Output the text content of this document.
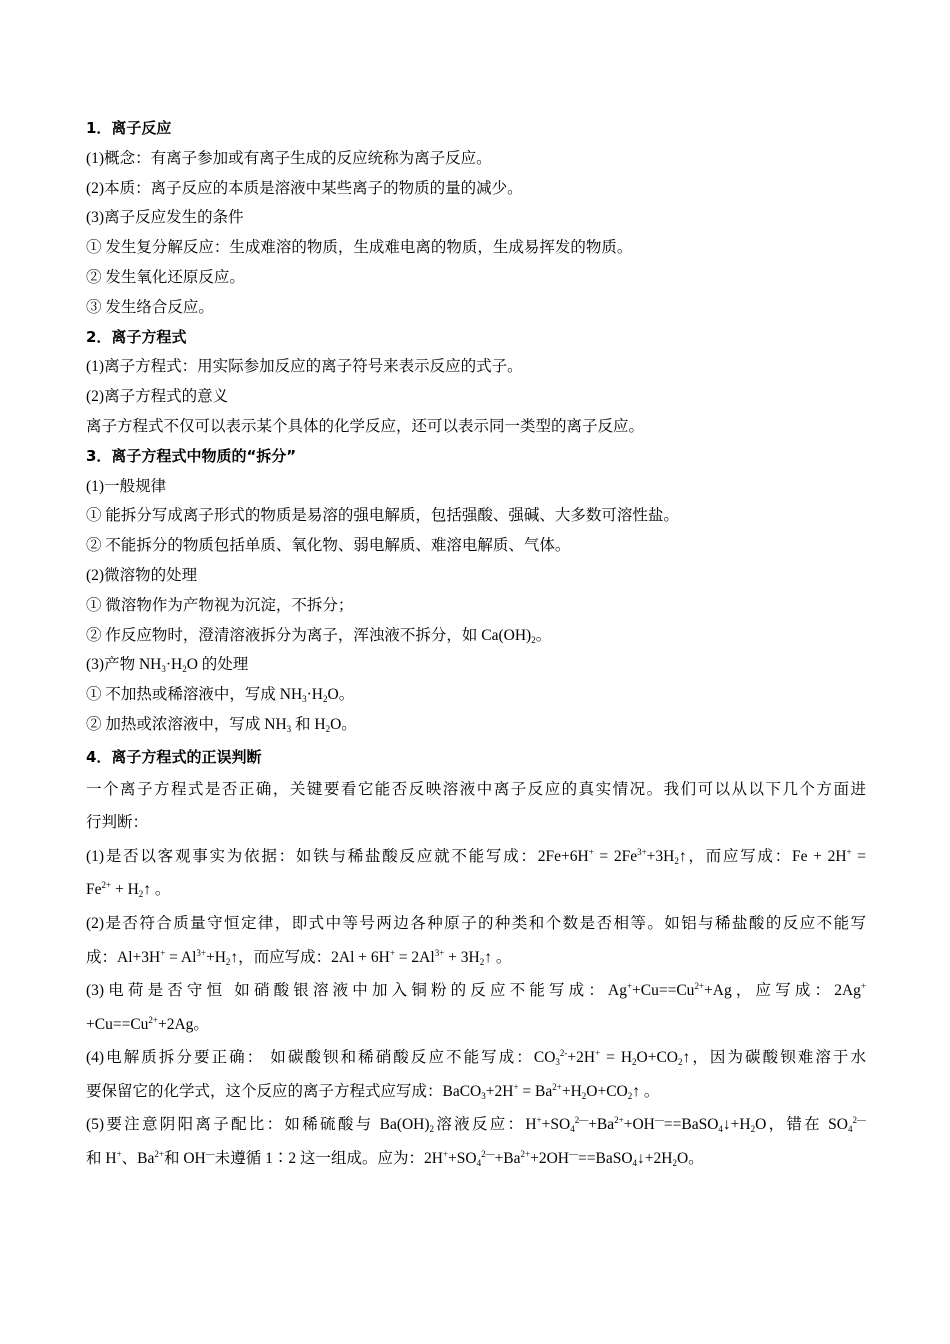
1．离子反应
(1)概念：有离子参加或有离子生成的反应统称为离子反应。
(2)本质：离子反应的本质是溶液中某些离子的物质的量的减少。
(3)离子反应发生的条件
① 发生复分解反应：生成难溶的物质，生成难电离的物质，生成易挥发的物质。
② 发生氧化还原反应。
③ 发生络合反应。
2．离子方程式
(1)离子方程式：用实际参加反应的离子符号来表示反应的式子。
(2)离子方程式的意义
离子方程式不仅可以表示某个具体的化学反应，还可以表示同一类型的离子反应。
3．离子方程式中物质的“拆分”
(1)一般规律
① 能拆分写成离子形式的物质是易溶的强电解质，包括强酸、强碱、大多数可溶性盐。
② 不能拆分的物质包括单质、氧化物、弱电解质、难溶电解质、气体。
(2)微溶物的处理
① 微溶物作为产物视为沉淀，不拆分；
② 作反应物时，澄清溶液拆分为离子，浑浊液不拆分，如 $Ca(OH)_2$。
(3)产物 $NH_3\cdot H_2O$ 的处理
① 不加热或稀溶液中，写成 $NH_3\cdot H_2O$。
② 加热或浓溶液中，写成 $NH_3$ 和 $H_2O$。
4．离子方程式的正误判断
一个离子方程式是否正确，关键要看它能否反映溶液中离子反应的真实情况。我们可以从以下几个方面进
行判断：
(1)是否以客观事实为依据：如铁与稀盐酸反应就不能写成：$2Fe+6H^+ = 2Fe^{3+}+3H_2↑$，而应写成：Fe + 2H+ =
$Fe^{2+}$ + $H_2↑$ 。
(2)是否符合质量守恒定律，即式中等号两边各种原子的种类和个数是否相等。如铝与稀盐酸的反应不能写
成：$Al+3H^+ = Al^{3+}+H_2↑$，而应写成：$2Al + 6H^+ = 2Al^{3+}$ + $3H_2↑$ 。
(3)电荷是否守恒 如硝酸银溶液中加入铜粉的反应不能写成：$Ag^++Cu==Cu^{2+}+Ag$，应写成：2Ag+
$+Cu==Cu^{2+}+2Ag$。
(4)电解质拆分要正确： 如碳酸钡和稀硝酸反应不能写成：$CO_3^{2-}+2H^+$ = $H_2O+CO_2↑$，因为碳酸钡难溶于水
要保留它的化学式，这个反应的离子方程式应写成：BaCO$_3$+2H+ = $Ba^{2+}+H_2O+CO_2↑$ 。
(5)要注意阴阳离子配比：如稀硫酸与 $Ba(OH)_2$溶液反应：$H^++SO_4^{2—}+Ba^{2+}+OH^—==BaSO_4↓+H_2O$，错在 $SO_4^{2—}$
和 H+、$Ba^{2+}$和 OH—未遵循 1∶2 这一组成。应为：$2H^++SO_4^{2—}+Ba^{2+}+2OH^—==BaSO_4↓+2H_2O$。
